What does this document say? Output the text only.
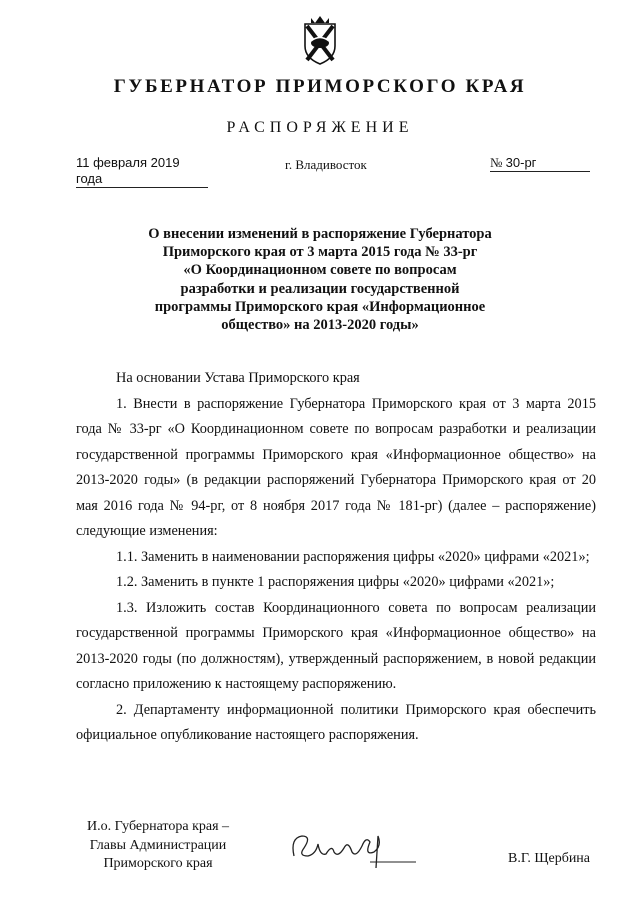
ГУБЕРНАТОР ПРИМОРСКОГО КРАЯ
РАСПОРЯЖЕНИЕ
11 февраля 2019 года
г. Владивосток	№ 30-рг
О внесении изменений в распоряжение Губернатора
Приморского края от 3 марта 2015 года № 33-рг
«О Координационном совете по вопросам
разработки и реализации государственной
программы Приморского края «Информационное
общество» на 2013-2020 годы»

На основании Устава Приморского края

1. Внести в распоряжение Губернатора Приморского края от 3 марта 2015 года № 33-рг «О Координационном совете по вопросам разработки и реализации государственной программы Приморского края «Информационное общество» на 2013-2020 годы» (в редакции распоряжений Губернатора Приморского края от 20 мая 2016 года № 94-рг, от 8 ноября 2017 года № 181-рг) (далее – распоряжение) следующие изменения:

1.1. Заменить в наименовании распоряжения цифры «2020» цифрами «2021»;

1.2. Заменить в пункте 1 распоряжения цифры «2020» цифрами «2021»;

1.3. Изложить состав Координационного совета по вопросам реализации государственной программы Приморского края «Информационное общество» на 2013-2020 годы (по должностям), утвержденный распоряжением, в новой редакции согласно приложению к настоящему распоряжению.

2. Департаменту информационной политики Приморского края обеспечить официальное опубликование настоящего распоряжения.

И.о. Губернатора края –
Главы Администрации
Приморского края	В.Г. Щербина
